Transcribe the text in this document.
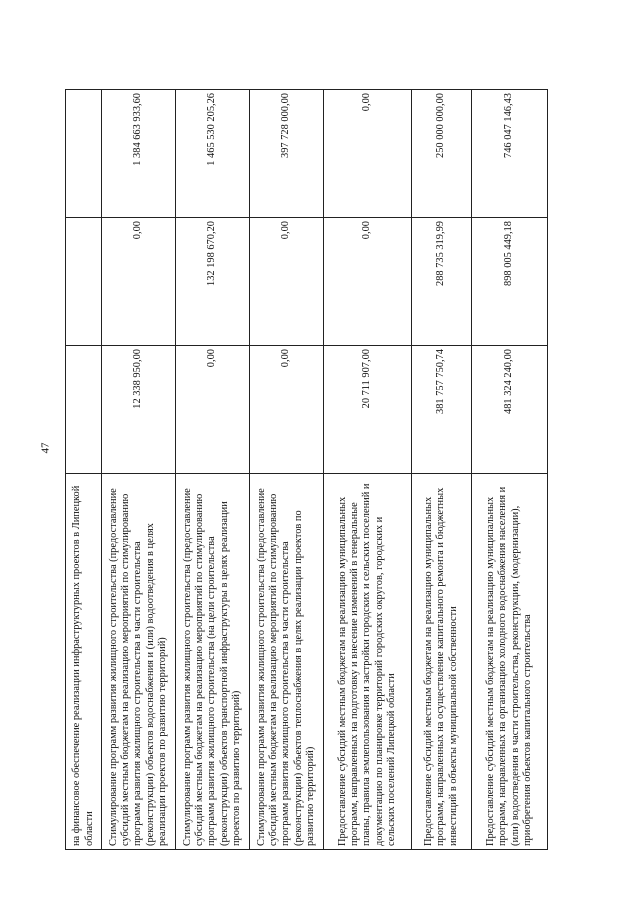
47
на финансовое обеспечение реализации инфраструктурных проектов в Липецкой области			
Стимулирование программ развития жилищного строительства (предоставление субсидий местным бюджетам на реализацию мероприятий по стимулированию программ развития жилищного строительства в части строительства (реконструкции) объектов водоснабжения и (или) водоотведения в целях реализации проектов по развитию территорий)	12 338 950,00	0,00	1 384 663 933,60
Стимулирование программ развития жилищного строительства (предоставление субсидий местным бюджетам на реализацию мероприятий по стимулированию программ развития жилищного строительства (на цели строительства (реконструкции) объектов транспортной инфраструктуры в целях реализации проектов по развитию территорий)	0,00	132 198 670,20	1 465 530 205,26
Стимулирование программ развития жилищного строительства (предоставление субсидий местным бюджетам на реализацию мероприятий по стимулированию программ развития жилищного строительства в части строительства (реконструкции) объектов теплоснабжения в целях реализации проектов по развитию территорий)	0,00	0,00	397 728 000,00
Предоставление субсидий местным бюджетам на реализацию муниципальных программ, направленных на подготовку и внесение изменений в генеральные планы, правила землепользования и застройки городских и сельских поселений и документацию по планировке территорий городских округов, городских и сельских поселений Липецкой области	20 711 907,00	0,00	0,00
Предоставление субсидий местным бюджетам на реализацию муниципальных программ, направленных на осуществление капитального ремонта и бюджетных инвестиций в объекты муниципальной собственности	381 757 750,74	288 735 319,99	250 000 000,00
Предоставление субсидий местным бюджетам на реализацию муниципальных программ, направленных на организацию холодного водоснабжения населения и (или) водоотведения в части строительства, реконструкции, (модернизации), приобретения объектов капитального строительства	481 324 240,00	898 005 449,18	746 047 146,43
